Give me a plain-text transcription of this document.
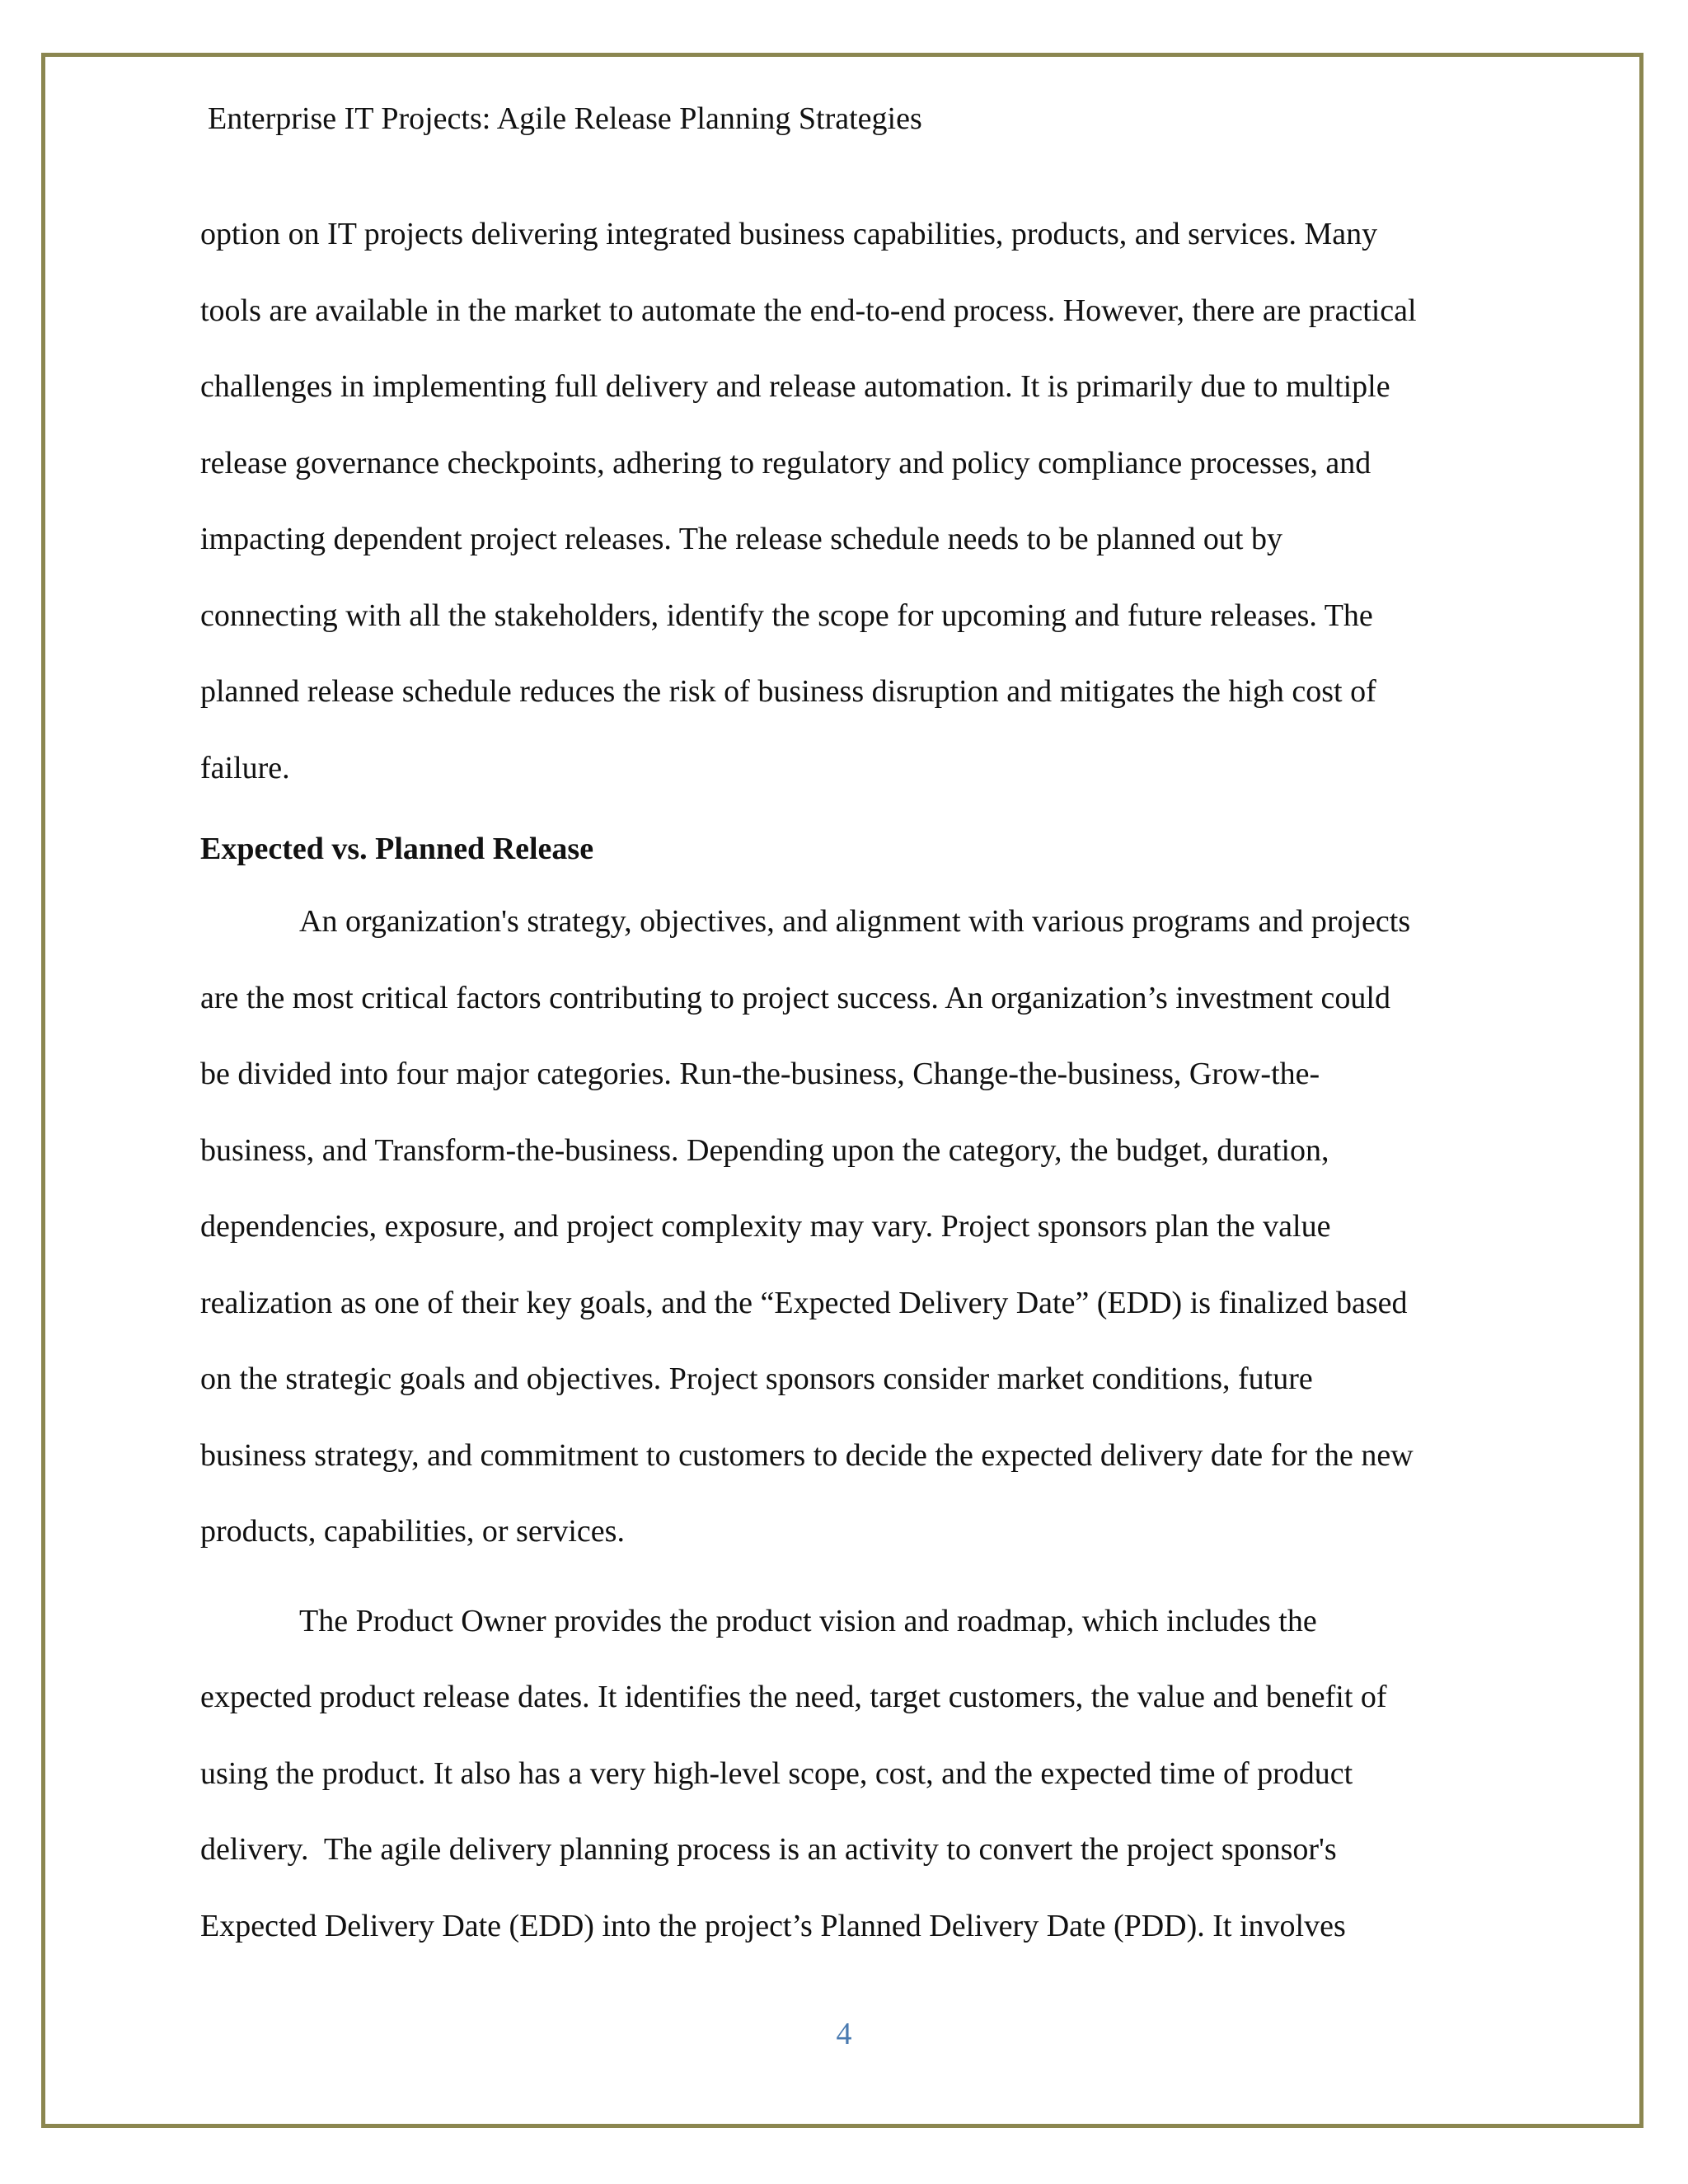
Enterprise IT Projects: Agile Release Planning Strategies
option on IT projects delivering integrated business capabilities, products, and services. Many
tools are available in the market to automate the end-to-end process. However, there are practical
challenges in implementing full delivery and release automation. It is primarily due to multiple
release governance checkpoints, adhering to regulatory and policy compliance processes, and
impacting dependent project releases. The release schedule needs to be planned out by
connecting with all the stakeholders, identify the scope for upcoming and future releases. The
planned release schedule reduces the risk of business disruption and mitigates the high cost of
failure.
Expected vs. Planned Release
An organization's strategy, objectives, and alignment with various programs and projects
are the most critical factors contributing to project success. An organization’s investment could
be divided into four major categories. Run-the-business, Change-the-business, Grow-the-
business, and Transform-the-business. Depending upon the category, the budget, duration,
dependencies, exposure, and project complexity may vary. Project sponsors plan the value
realization as one of their key goals, and the “Expected Delivery Date” (EDD) is finalized based
on the strategic goals and objectives. Project sponsors consider market conditions, future
business strategy, and commitment to customers to decide the expected delivery date for the new
products, capabilities, or services.
The Product Owner provides the product vision and roadmap, which includes the
expected product release dates. It identifies the need, target customers, the value and benefit of
using the product. It also has a very high-level scope, cost, and the expected time of product
delivery.  The agile delivery planning process is an activity to convert the project sponsor's
Expected Delivery Date (EDD) into the project’s Planned Delivery Date (PDD). It involves
4
